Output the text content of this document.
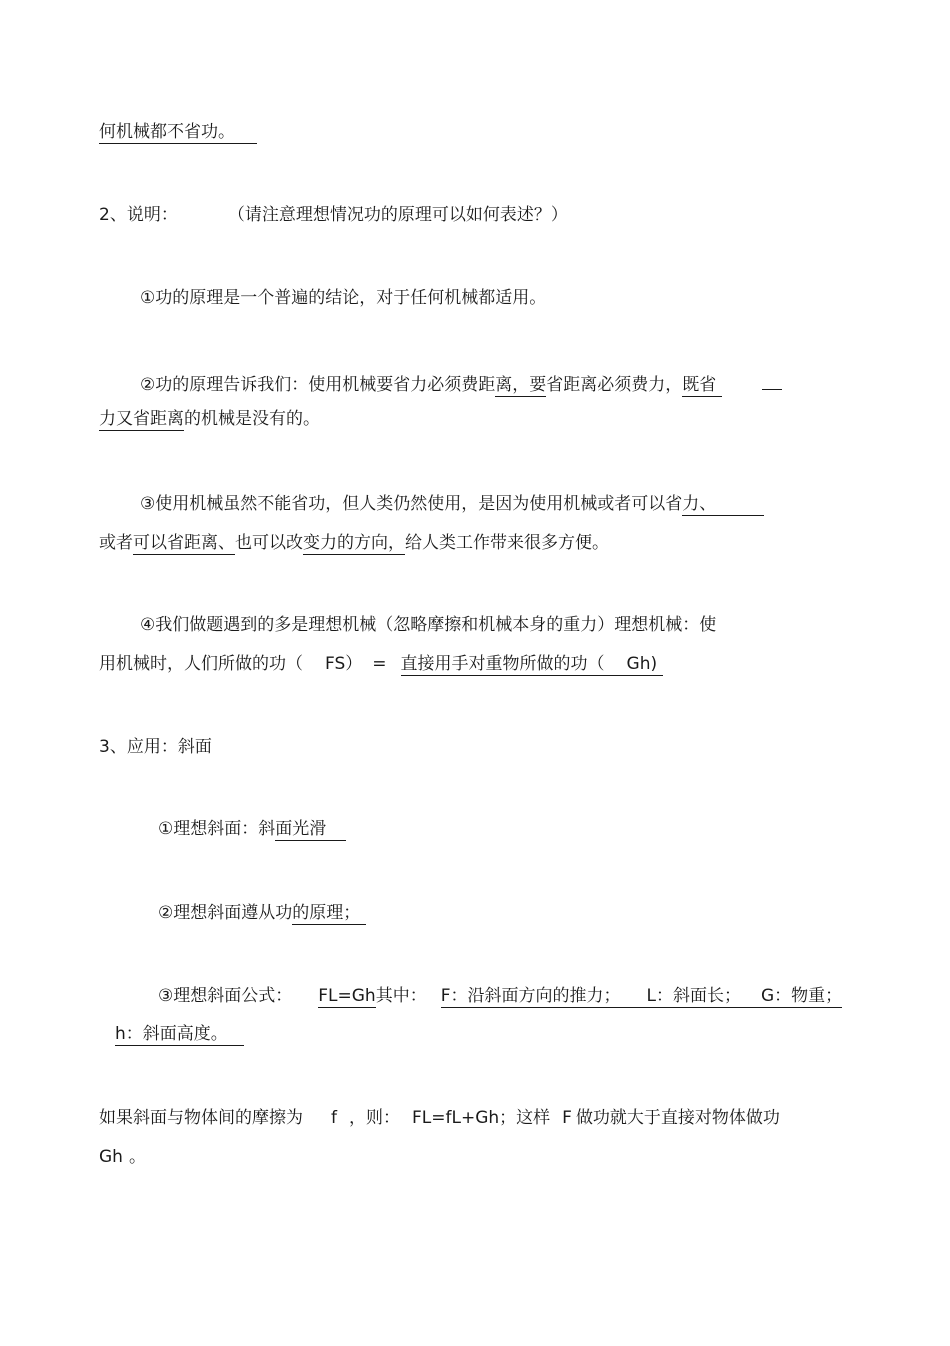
何机械都不省功。
2、说明：	（请注意理想情况功的原理可以如何表述？）
①功的原理是一个普遍的结论，对于任何机械都适用。
②功的原理告诉我们：使用机械要省力必须费距离，要省距离必须费力，既省
力又省距离的机械是没有的。
③使用机械虽然不能省功，但人类仍然使用，是因为使用机械或者可以省力、
或者可以省距离、也可以改变力的方向，给人类工作带来很多方便。
④我们做题遇到的多是理想机械（忽略摩擦和机械本身的重力）理想机械：使
用机械时，人们所做的功（ FS） = 直接用手对重物所做的功（ Gh)
3、应用：斜面
①理想斜面：斜面光滑
②理想斜面遵从功的原理；
③理想斜面公式： FL=Gh其中： F：沿斜面方向的推力； L：斜面长； G：物重；
h：斜面高度。
如果斜面与物体间的摩擦为 f ，则： FL=fL+Gh；这样 F 做功就大于直接对物体做功
Gh 。
